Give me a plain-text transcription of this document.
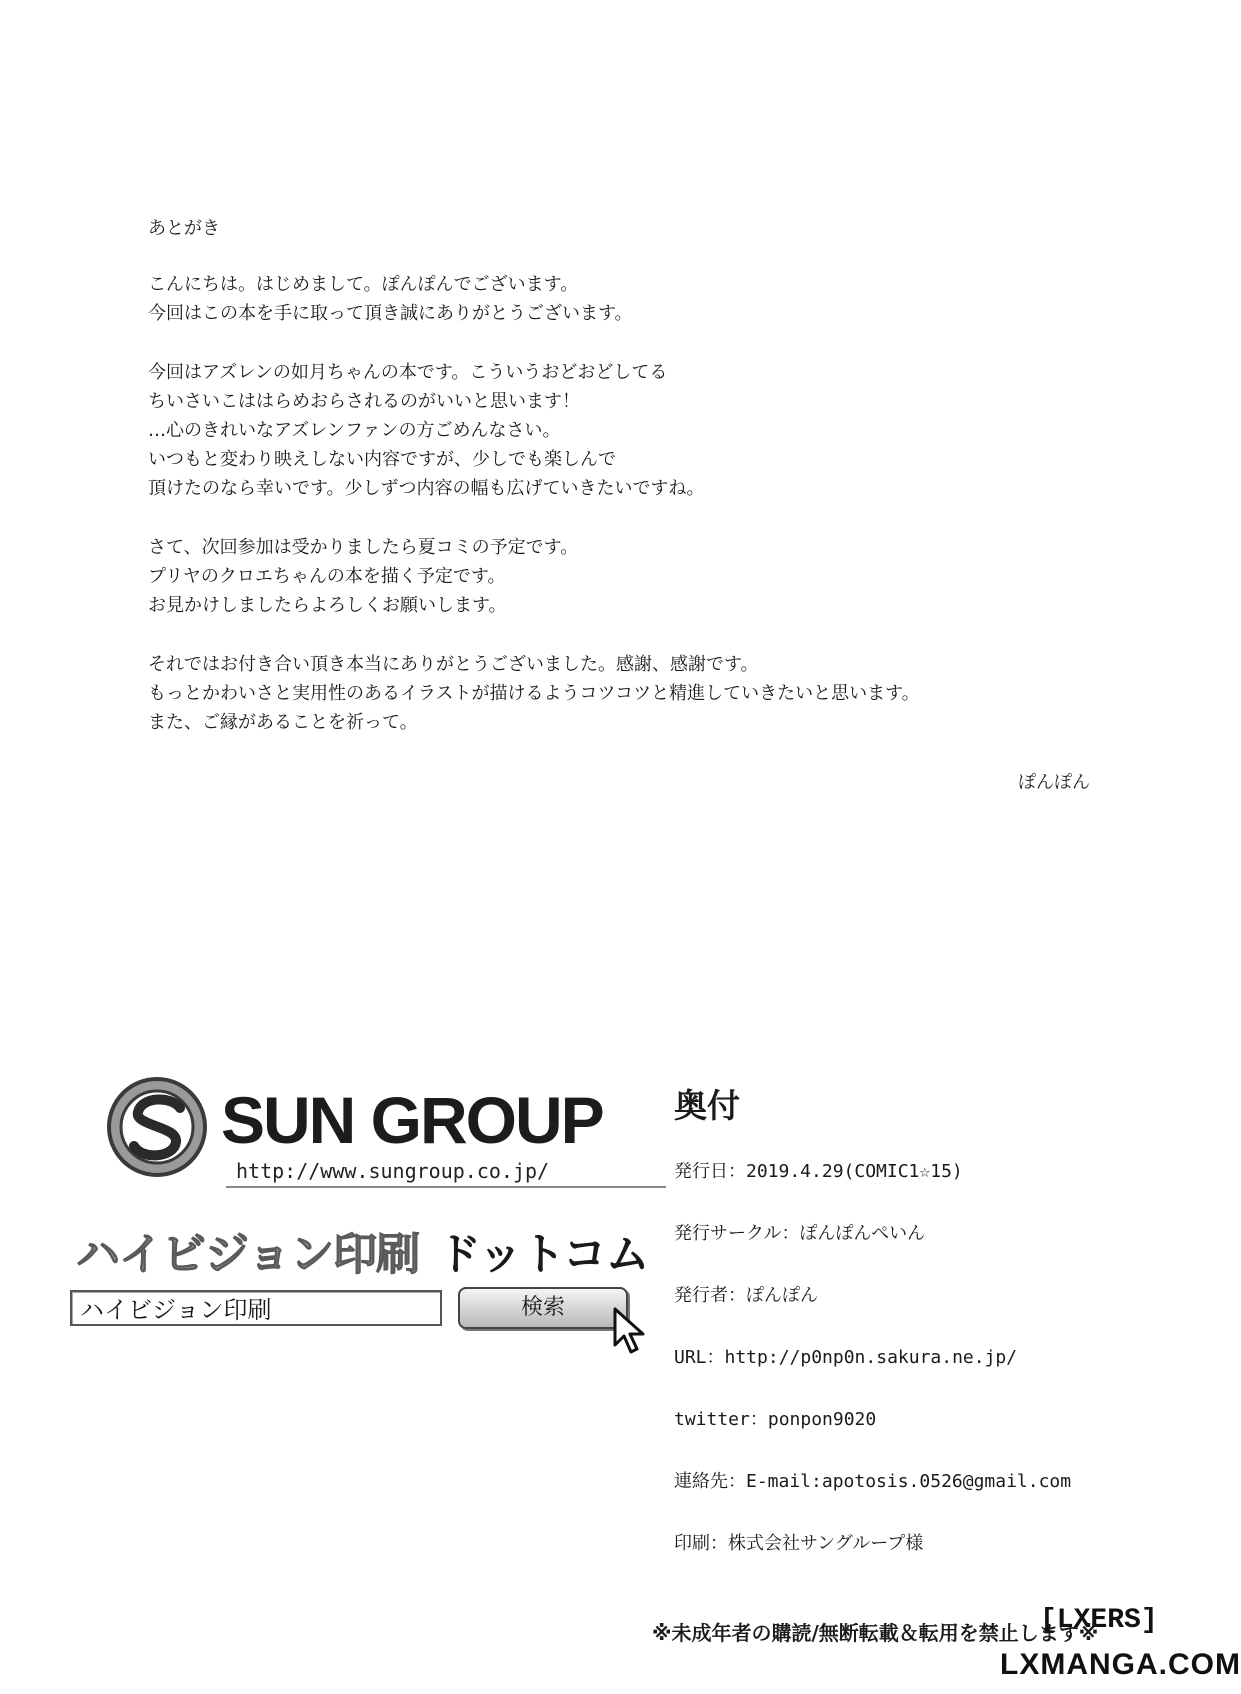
あとがき
こんにちは。はじめまして。ぽんぽんでございます。
今回はこの本を手に取って頂き誠にありがとうございます。
今回はアズレンの如月ちゃんの本です。こういうおどおどしてる
ちいさいこははらめおらされるのがいいと思います！
…心のきれいなアズレンファンの方ごめんなさい。
いつもと変わり映えしない内容ですが、少しでも楽しんで
頂けたのなら幸いです。少しずつ内容の幅も広げていきたいですね。
さて、次回参加は受かりましたら夏コミの予定です。
プリヤのクロエちゃんの本を描く予定です。
お見かけしましたらよろしくお願いします。
それではお付き合い頂き本当にありがとうございました。感謝、感謝です。
もっとかわいさと実用性のあるイラストが描けるようコツコツと精進していきたいと思います。
また、ご縁があることを祈って。
ぽんぽん
SUN GROUP
http://www.sungroup.co.jp/
ハイビジョン印刷 ドットコム
ハイビジョン印刷	検索
奥付
発行日：2019.4.29(COMIC1☆15)
発行サークル：ぽんぽんぺいん
発行者：ぽんぽん
URL：http://p0np0n.sakura.ne.jp/
twitter：ponpon9020
連絡先：E-mail:apotosis.0526@gmail.com
印刷：株式会社サングループ様
※未成年者の購読/無断転載＆転用を禁止します※
[LXERS]
LXMANGA.COM
